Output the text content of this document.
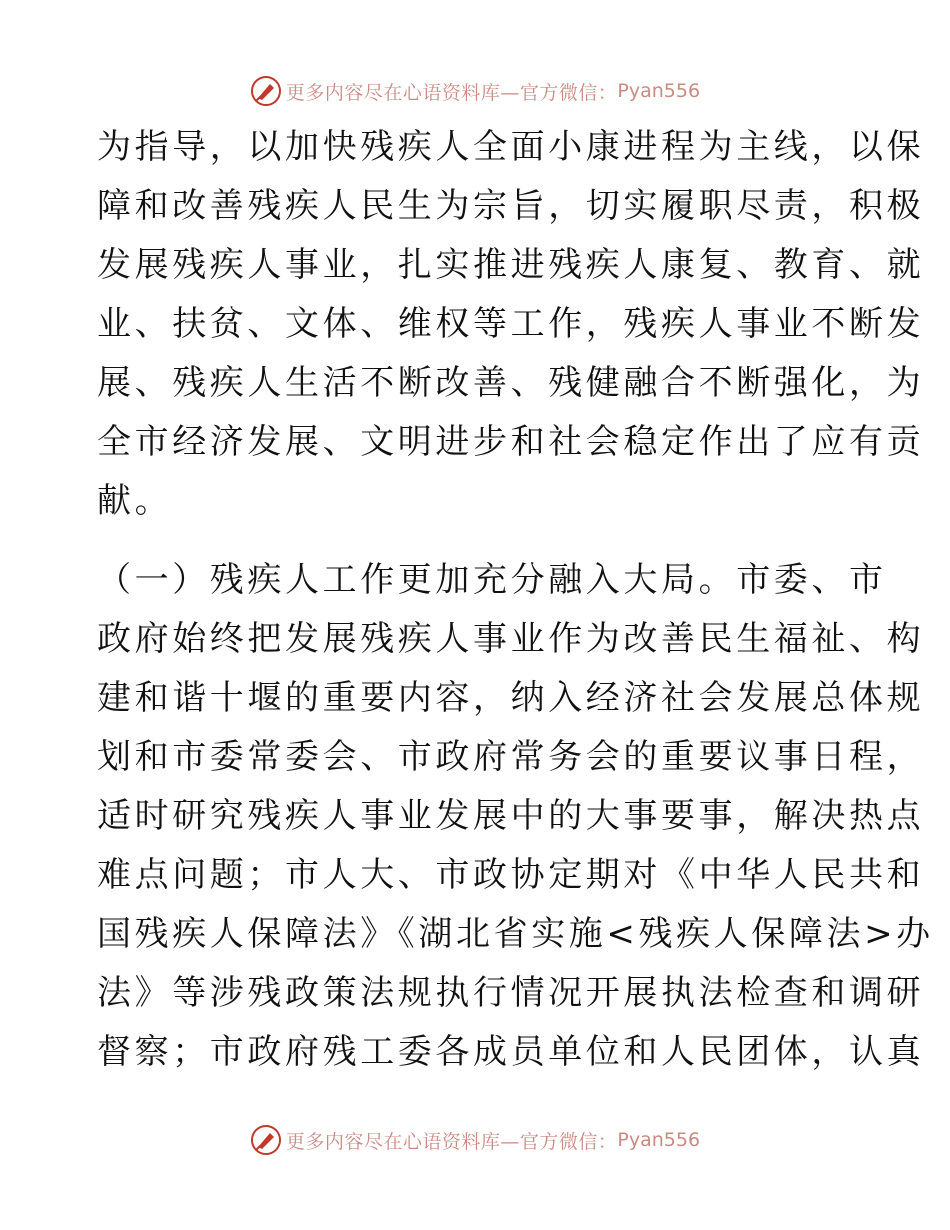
更多内容尽在心语资料库—官方微信： Pyan556
为指导，以加快残疾人全面小康进程为主线，以保
障和改善残疾人民生为宗旨，切实履职尽责，积极
发展残疾人事业，扎实推进残疾人康复、教育、就
业、扶贫、文体、维权等工作，残疾人事业不断发
展、残疾人生活不断改善、残健融合不断强化，为
全市经济发展、文明进步和社会稳定作出了应有贡
献。
（一）残疾人工作更加充分融入大局。市委、市
政府始终把发展残疾人事业作为改善民生福祉、构
建和谐十堰的重要内容，纳入经济社会发展总体规
划和市委常委会、市政府常务会的重要议事日程，
适时研究残疾人事业发展中的大事要事，解决热点
难点问题；市人大、市政协定期对《中华人民共和
国残疾人保障法》《湖北省实施<残疾人保障法>办
法》等涉残政策法规执行情况开展执法检查和调研
督察；市政府残工委各成员单位和人民团体，认真
更多内容尽在心语资料库—官方微信： Pyan556
